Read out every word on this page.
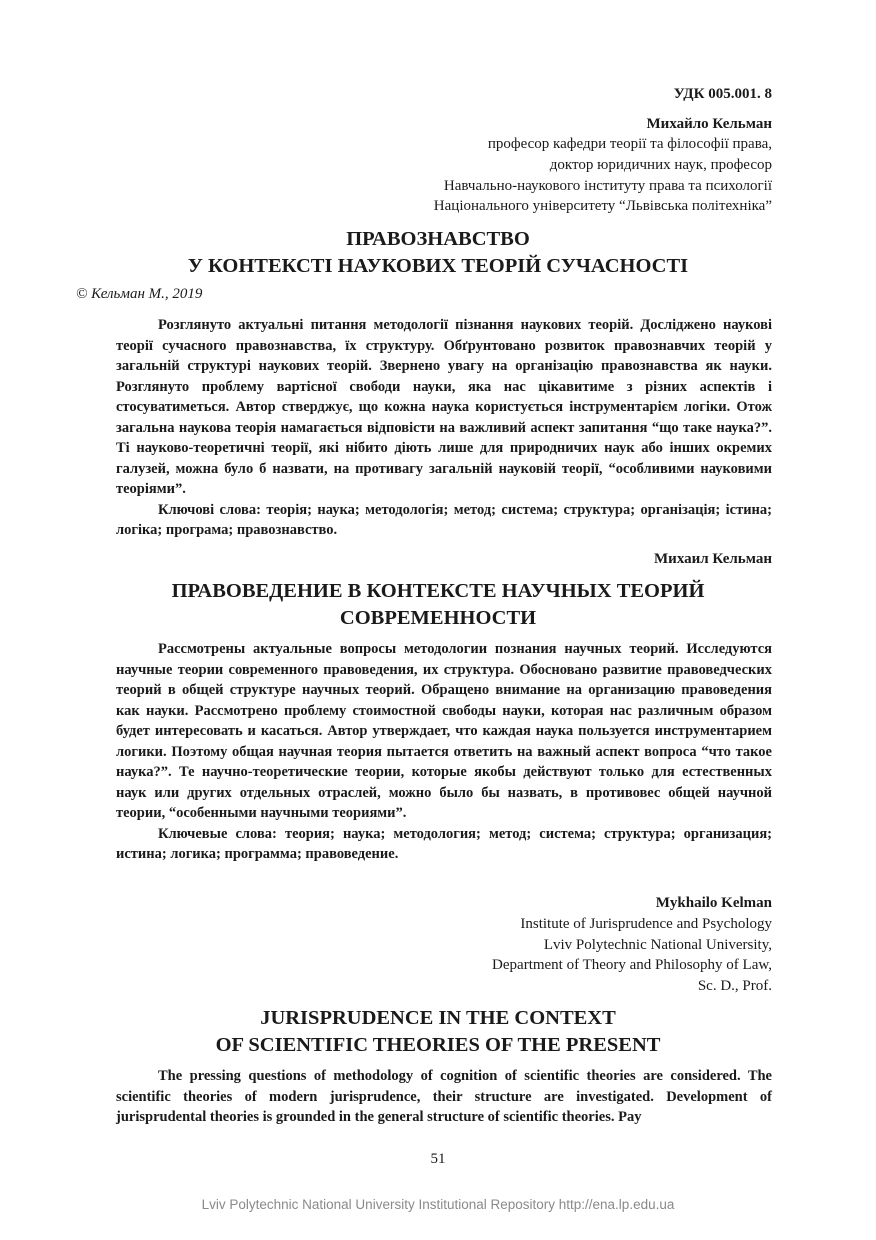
УДК 005.001. 8
Михайло Кельман
професор кафедри теорії та філософії права,
доктор юридичних наук, професор
Навчально-наукового інституту права та психології
Національного університету “Львівська політехніка”
ПРАВОЗНАВСТВО
У КОНТЕКСТІ НАУКОВИХ ТЕОРІЙ СУЧАСНОСТІ
© Кельман М., 2019

Розглянуто актуальні питання методології пізнання наукових теорій. Досліджено наукові теорії сучасного правознавства, їх структуру. Обґрунтовано розвиток правознавчих теорій у загальній структурі наукових теорій. Звернено увагу на організацію правознавства як науки. Розглянуто проблему вартісної свободи науки, яка нас цікавитиме з різних аспектів і стосуватиметься. Автор стверджує, що кожна наука користується інструментарієм логіки. Отож загальна наукова теорія намагається відповісти на важливий аспект запитання “що таке наука?”. Ті науково-теоретичні теорії, які нібито діють лише для природничих наук або інших окремих галузей, можна було б назвати, на противагу загальній науковій теорії, “особливими науковими теоріями”.

Ключові слова: теорія; наука; методологія; метод; система; структура; організація; істина; логіка; програма; правознавство.

Михаил Кельман
ПРАВОВЕДЕНИЕ В КОНТЕКСТЕ НАУЧНЫХ ТЕОРИЙ
СОВРЕМЕННОСТИ

Рассмотрены актуальные вопросы методологии познания научных теорий. Исследуются научные теории современного правоведения, их структура. Обосновано развитие правоведческих теорий в общей структуре научных теорий. Обращено внимание на организацию правоведения как науки. Рассмотрено проблему стоимостной свободы науки, которая нас различным образом будет интересовать и касаться. Автор утверждает, что каждая наука пользуется инструментарием логики. Поэтому общая научная теория пытается ответить на важный аспект вопроса “что такое наука?”. Те научно-теоретические теории, которые якобы действуют только для естественных наук или других отдельных отраслей, можно было бы назвать, в противовес общей научной теории, “особенными научными теориями”.

Ключевые слова: теория; наука; методология; метод; система; структура; организация; истина; логика; программа; правоведение.

Mykhailo Kelman
Institute of Jurisprudence and Psychology
Lviv Polytechnic National University,
Department of Theory and Philosophy of Law,
Sc. D., Prof.
JURISPRUDENCE IN THE CONTEXT
OF SCIENTIFIC THEORIES OF THE PRESENT

The pressing questions of methodology of cognition of scientific theories are considered. The scientific theories of modern jurisprudence, their structure are investigated. Development of jurisprudental theories is grounded in the general structure of scientific theories. Pay

51
Lviv Polytechnic National University Institutional Repository http://ena.lp.edu.ua
